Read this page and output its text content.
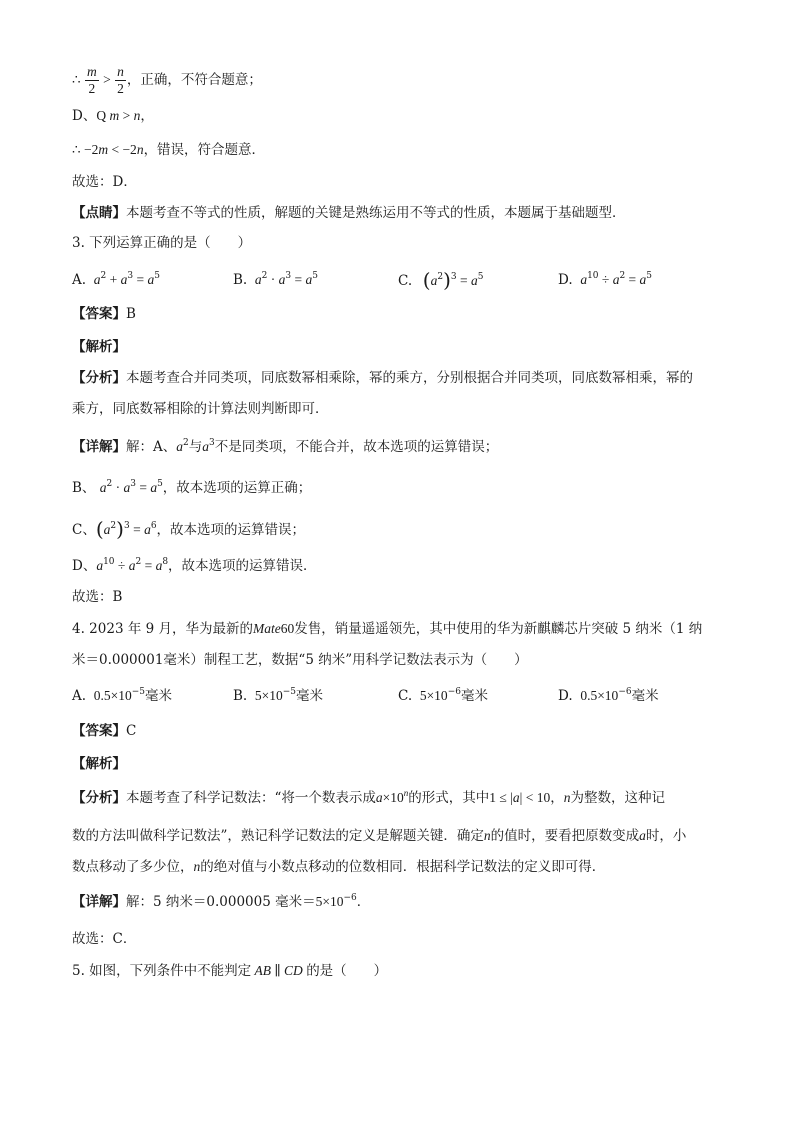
∴ $\frac{m}{2} > \frac{n}{2}$ ，正确，不符合题意；
D、Q m > n，
∴ −2m < −2n，错误，符合题意．
故选：D．
【点睛】本题考查不等式的性质，解题的关键是熟练运用不等式的性质，本题属于基础题型．
3. 下列运算正确的是（　　）
A.  $a^2 + a^3 = a^5$	B.  $a^2 \cdot a^3 = a^5$	C.  $(a^2)^3 = a^5$	D.  $a^{10} \div a^2 = a^5$
【答案】B
【解析】
【分析】本题考查合并同类项，同底数幂相乘除，幂的乘方，分别根据合并同类项，同底数幂相乘，幂的
乘方，同底数幂相除的计算法则判断即可．
【详解】解：A、$a^2$与$a^3$不是同类项，不能合并，故本选项的运算错误；
B、 $a^2 \cdot a^3 = a^5$，故本选项的运算正确；
C、$(a^2)^3 = a^6$，故本选项的运算错误；
D、$a^{10} \div a^2 = a^8$，故本选项的运算错误．
故选：B
4. 2023 年 9 月，华为最新的Mate60发售，销量遥遥领先，其中使用的华为新麒麟芯片突破 5 纳米（1 纳
米＝0.000001毫米）制程工艺，数据“5 纳米”用科学记数法表示为（　　）
A.  $0.5\times 10^{-5}$毫米	B.  $5\times 10^{-5}$毫米	C.  $5\times 10^{-6}$毫米	D.  $0.5\times 10^{-6}$毫米
【答案】C
【解析】
【分析】本题考查了科学记数法：“将一个数表示成$a\times 10^n$的形式，其中1 ≤ |a| < 10，n为整数，这种记
数的方法叫做科学记数法”，熟记科学记数法的定义是解题关键．确定n的值时，要看把原数变成a时，小
数点移动了多少位，n的绝对值与小数点移动的位数相同．根据科学记数法的定义即可得．
【详解】解：5 纳米＝0.000005 毫米$=5\times 10^{-6}$．
故选：C．
5. 如图，下列条件中不能判定 AB ∥ CD 的是（　　）
